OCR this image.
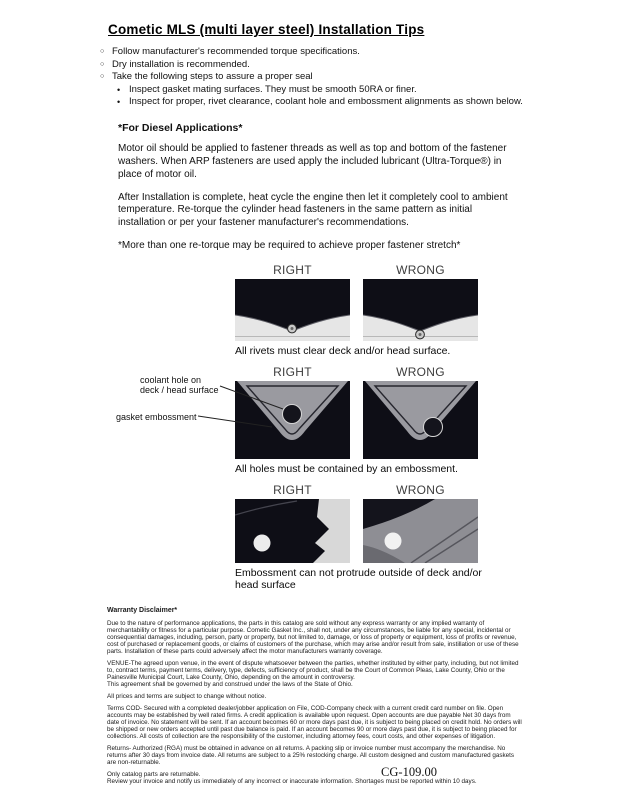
Cometic MLS (multi layer steel) Installation Tips
○ Follow manufacturer's recommended torque specifications.
○ Dry installation is recommended.
○ Take the following steps to assure a proper seal
• Inspect gasket mating surfaces. They must be smooth 50RA or finer.
• Inspect for proper, rivet clearance, coolant hole and embossment alignments as shown below.
*For Diesel Applications*

Motor oil should be applied to fastener threads as well as top and bottom of the fastener washers. When ARP fasteners are used apply the included lubricant (Ultra-Torque®) in place of motor oil.

After Installation is complete, heat cycle the engine then let it completely cool to ambient temperature. Re-torque the cylinder head fasteners in the same pattern as initial installation or per your fastener manufacturer's recommendations.

*More than one re-torque may be required to achieve proper fastener stretch*

RIGHT	WRONG
All rivets must clear deck and/or head surface.
coolant hole on deck / head surface
gasket embossment
RIGHT	WRONG
All holes must be contained by an embossment.
RIGHT	WRONG
Embossment can not protrude outside of deck and/or head surface
Warranty Disclaimer*
Due to the nature of performance applications, the parts in this catalog are sold without any express warranty or any implied warranty of merchantability or fitness for a particular purpose. Cometic Gasket Inc., shall not, under any circumstances, be liable for any special, incidental or consequential damages, including, person, party or property, but not limited to, damage, or loss of property or equipment, loss of profits or revenue, cost of purchased or replacement goods, or claims of customers of the purchase, which may arise and/or result from sale, instillation or use of these parts. Installation of these parts could adversely affect the motor manufacturers warranty coverage.
VENUE-The agreed upon venue, in the event of dispute whatsoever between the parties, whether instituted by either party, including, but not limited to, contract terms, payment terms, delivery, type, defects, sufficiency of product, shall be the Court of Common Pleas, Lake County, Ohio or the Painesville Municipal Court, Lake County, Ohio, depending on the amount in controversy.
This agreement shall be governed by and construed under the laws of the State of Ohio.
All prices and terms are subject to change without notice.
Terms COD- Secured with a completed dealer/jobber application on File, COD-Company check with a current credit card number on file. Open accounts may be established by well rated firms. A credit application is available upon request. Open accounts are due payable Net 30 days from date of invoice. No statement will be sent. If an account becomes 60 or more days past due, it is subject to being placed on credit hold. No orders will be shipped or new orders accepted until past due balance is paid. If an account becomes 90 or more days past due, it is subject to being placed for collections. All costs of collection are the responsibility of the customer, including attorney fees, court costs, and other expenses of litigation.
Returns- Authorized (RGA) must be obtained in advance on all returns. A packing slip or invoice number must accompany the merchandise. No returns after 30 days from invoice date. All returns are subject to a 25% restocking charge. All custom designed and custom manufactured gaskets are non-returnable.
Only catalog parts are returnable.
Review your invoice and notify us immediately of any incorrect or inaccurate information. Shortages must be reported within 10 days.
CG-109.00
